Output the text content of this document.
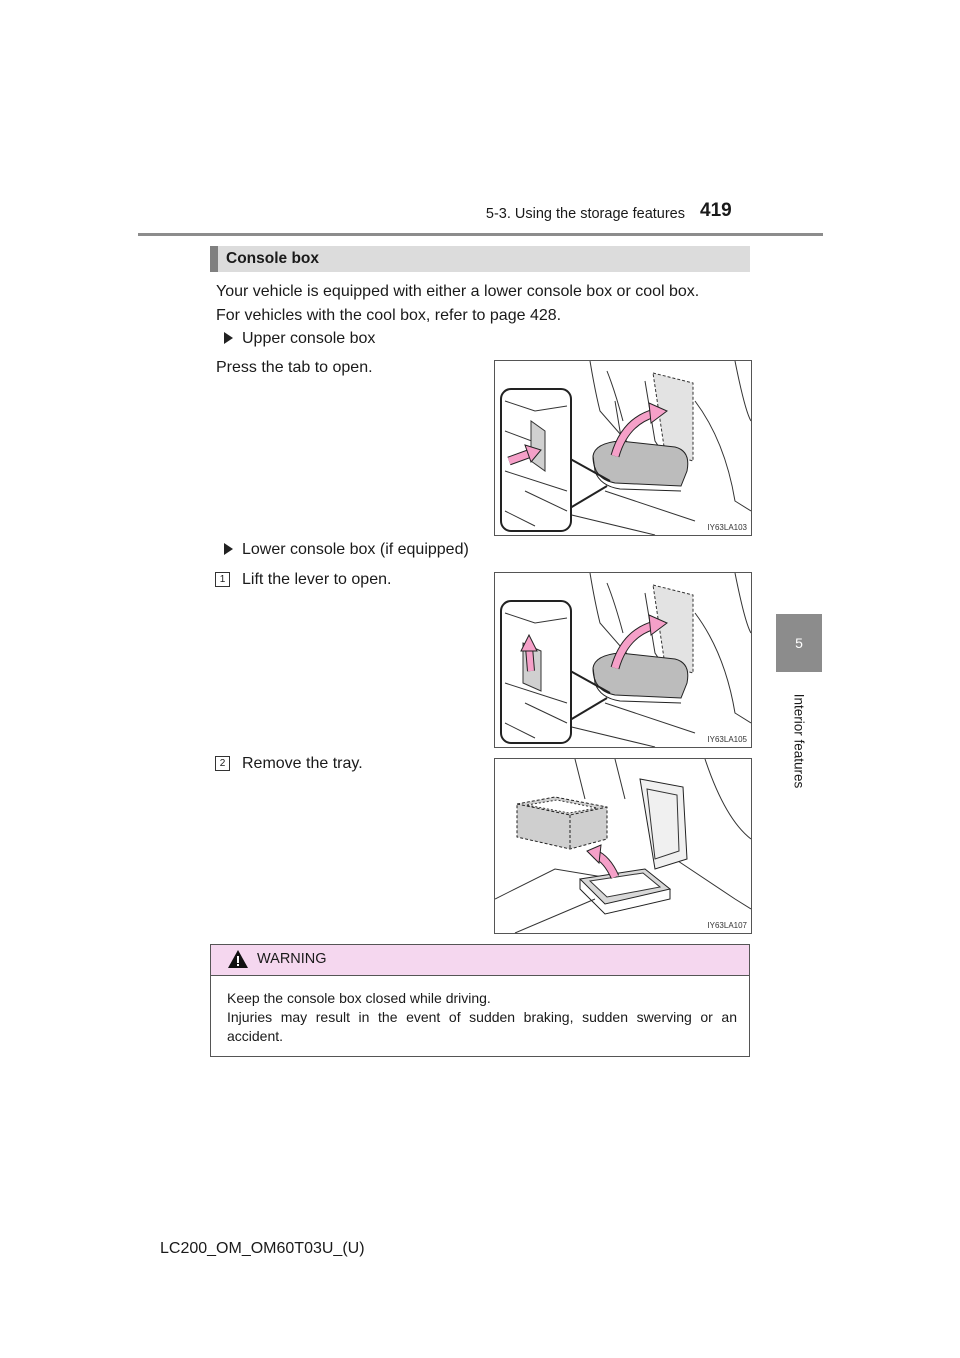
5-3. Using the storage features 419
5
Interior features
Console box
Your vehicle is equipped with either a lower console box or cool box.
For vehicles with the cool box, refer to page 428.
Upper console box
Press the tab to open.
IY63LA103
Lower console box (if equipped)
1 Lift the lever to open.
IY63LA105
2 Remove the tray.
IY63LA107
WARNING
Keep the console box closed while driving.
Injuries may result in the event of sudden braking, sudden swerving or an accident.
LC200_OM_OM60T03U_(U)
